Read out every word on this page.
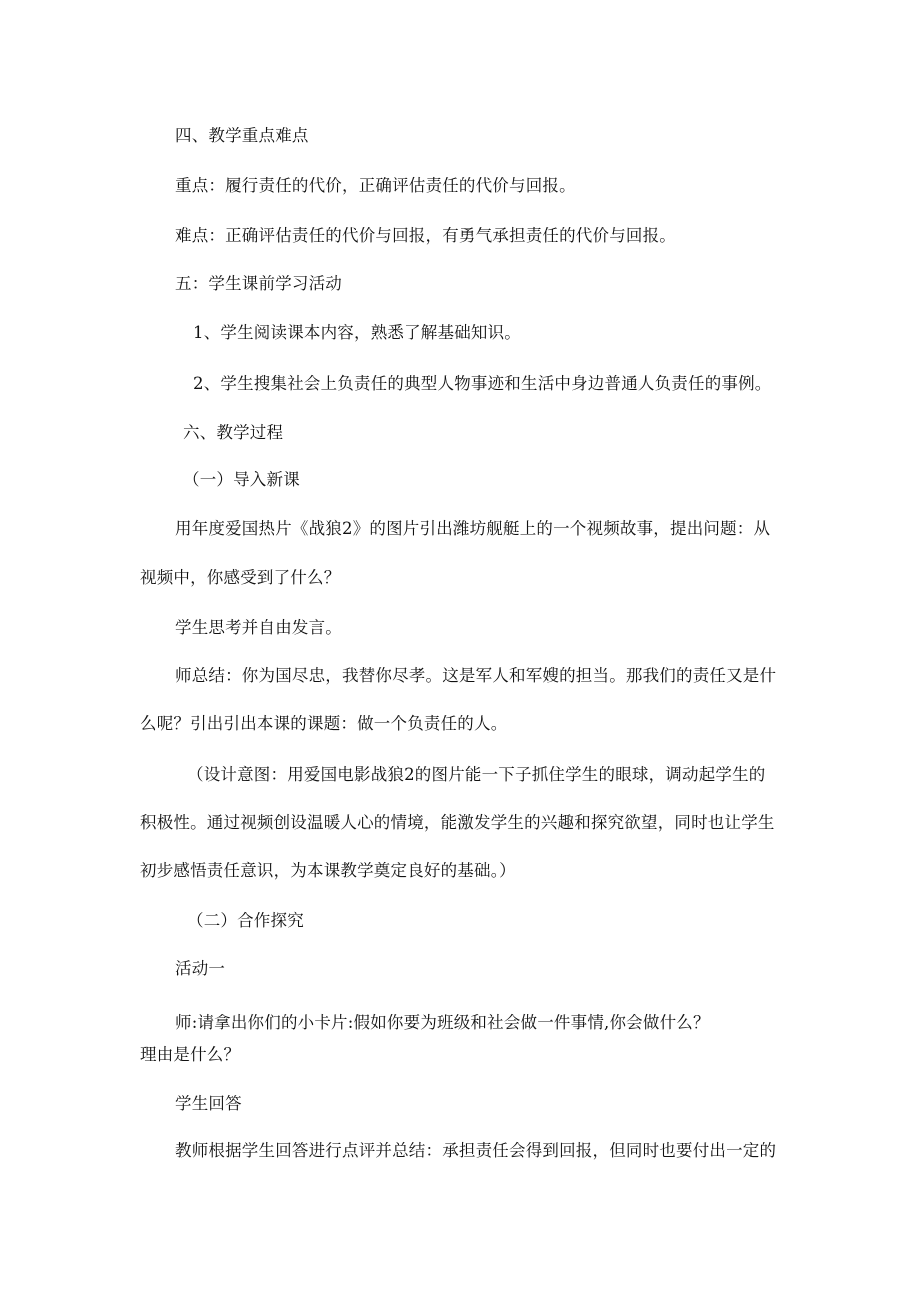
四、教学重点难点
重点：履行责任的代价，正确评估责任的代价与回报。
难点：正确评估责任的代价与回报，有勇气承担责任的代价与回报。
五：学生课前学习活动
1、学生阅读课本内容，熟悉了解基础知识。
2、学生搜集社会上负责任的典型人物事迹和生活中身边普通人负责任的事例。
六、教学过程
（一）导入新课
用年度爱国热片《战狼2》的图片引出潍坊舰艇上的一个视频故事，提出问题：从
视频中，你感受到了什么？
学生思考并自由发言。
师总结：你为国尽忠，我替你尽孝。这是军人和军嫂的担当。那我们的责任又是什
么呢？引出引出本课的课题：做一个负责任的人。
（设计意图：用爱国电影战狼2的图片能一下子抓住学生的眼球，调动起学生的
积极性。通过视频创设温暖人心的情境，能激发学生的兴趣和探究欲望，同时也让学生
初步感悟责任意识，为本课教学奠定良好的基础。）
（二）合作探究
活动一
师:请拿出你们的小卡片:假如你要为班级和社会做一件事情,你会做什么？
理由是什么？
学生回答
教师根据学生回答进行点评并总结：承担责任会得到回报，但同时也要付出一定的
